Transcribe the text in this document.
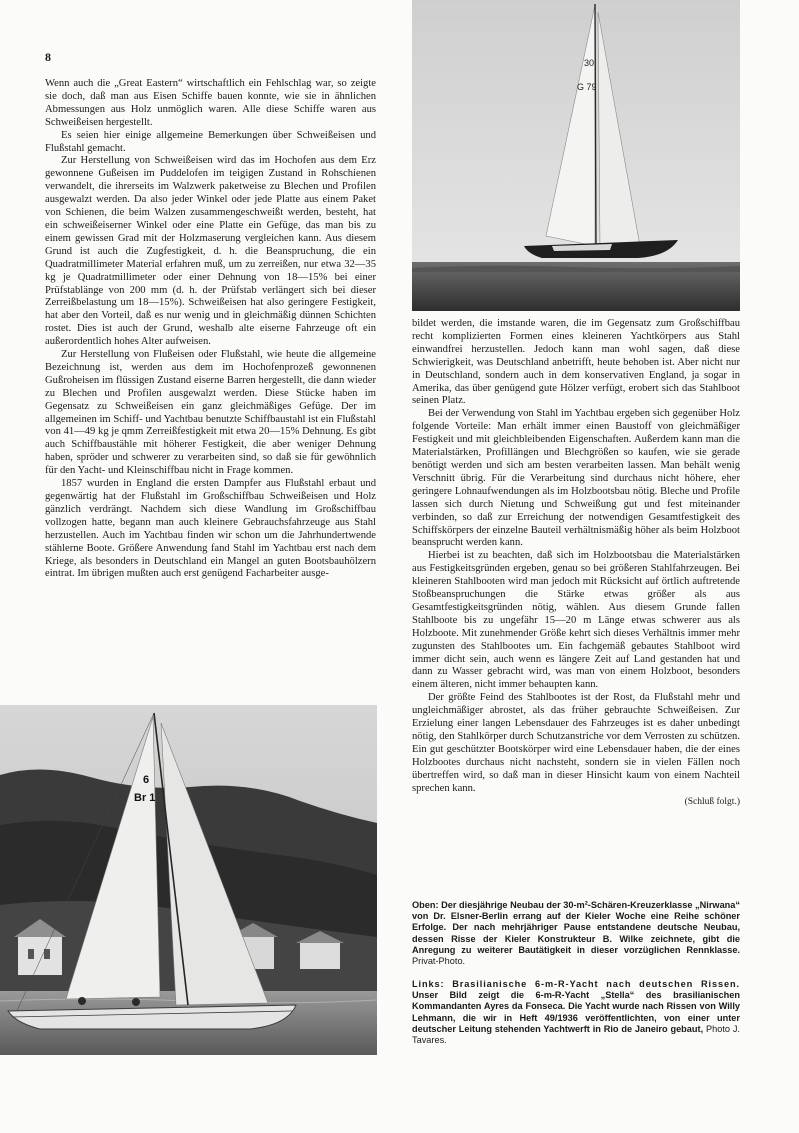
8

Wenn auch die „Great Eastern“ wirtschaftlich ein Fehlschlag war, so zeigte sie doch, daß man aus Eisen Schiffe bauen konnte, wie sie in ähnlichen Abmessungen aus Holz unmöglich waren. Alle diese Schiffe waren aus Schweißeisen hergestellt.

Es seien hier einige allgemeine Bemerkungen über Schweißeisen und Flußstahl gemacht.

Zur Herstellung von Schweißeisen wird das im Hochofen aus dem Erz gewonnene Gußeisen im Puddelofen im teigigen Zustand in Rohschienen verwandelt, die ihrerseits im Walzwerk paketweise zu Blechen und Profilen ausgewalzt werden. Da also jeder Winkel oder jede Platte aus einem Paket von Schienen, die beim Walzen zusammengeschweißt werden, besteht, hat ein schweißeiserner Winkel oder eine Platte ein Gefüge, das man bis zu einem gewissen Grad mit der Holzmaserung vergleichen kann. Aus diesem Grund ist auch die Zugfestigkeit, d. h. die Beanspruchung, die ein Quadratmillimeter Material erfahren muß, um zu zerreißen, nur etwa 32—35 kg je Quadratmillimeter oder einer Dehnung von 18—15% bei einer Prüfstablänge von 200 mm (d. h. der Prüfstab verlängert sich bei dieser Zerreißbelastung um 18—15%). Schweißeisen hat also geringere Festigkeit, hat aber den Vorteil, daß es nur wenig und in gleichmäßig dünnen Schichten rostet. Dies ist auch der Grund, weshalb alte eiserne Fahrzeuge oft ein außerordentlich hohes Alter aufweisen.

Zur Herstellung von Flußeisen oder Flußstahl, wie heute die allgemeine Bezeichnung ist, werden aus dem im Hochofenprozeß gewonnenen Gußroheisen im flüssigen Zustand eiserne Barren hergestellt, die dann wieder zu Blechen und Profilen ausgewalzt werden. Diese Stücke haben im Gegensatz zu Schweißeisen ein ganz gleichmäßiges Gefüge. Der im allgemeinen im Schiff- und Yachtbau benutzte Schiffbaustahl ist ein Flußstahl von 41—49 kg je qmm Zerreißfestigkeit mit etwa 20—15% Dehnung. Es gibt auch Schiffbaustähle mit höherer Festigkeit, die aber weniger Dehnung haben, spröder und schwerer zu verarbeiten sind, so daß sie für gewöhnlich für den Yacht- und Kleinschiffbau nicht in Frage kommen.

1857 wurden in England die ersten Dampfer aus Flußstahl erbaut und gegenwärtig hat der Flußstahl im Großschiffbau Schweißeisen und Holz gänzlich verdrängt. Nachdem sich diese Wandlung im Großschiffbau vollzogen hatte, begann man auch kleinere Gebrauchsfahrzeuge aus Stahl herzustellen. Auch im Yachtbau finden wir schon um die Jahrhundertwende stählerne Boote. Größere Anwendung fand Stahl im Yachtbau erst nach dem Kriege, als besonders in Deutschland ein Mangel an guten Bootsbauhölzern eintrat. Im übrigen mußten auch erst genügend Facharbeiter ausge-

bildet werden, die imstande waren, die im Gegensatz zum Großschiffbau recht komplizierten Formen eines kleineren Yachtkörpers aus Stahl einwandfrei herzustellen. Jedoch kann man wohl sagen, daß diese Schwierigkeit, was Deutschland anbetrifft, heute behoben ist. Aber nicht nur in Deutschland, sondern auch in dem konservativen England, ja sogar in Amerika, das über genügend gute Hölzer verfügt, erobert sich das Stahlboot seinen Platz.

Bei der Verwendung von Stahl im Yachtbau ergeben sich gegenüber Holz folgende Vorteile: Man erhält immer einen Baustoff von gleichmäßiger Festigkeit und mit gleichbleibenden Eigenschaften. Außerdem kann man die Materialstärken, Profillängen und Blechgrößen so kaufen, wie sie gerade benötigt werden und sich am besten verarbeiten lassen. Man behält wenig Verschnitt übrig. Für die Verarbeitung sind durchaus nicht höhere, eher geringere Lohnaufwendungen als im Holzbootsbau nötig. Bleche und Profile lassen sich durch Nietung und Schweißung gut und fest miteinander verbinden, so daß zur Erreichung der notwendigen Gesamtfestigkeit des Schiffskörpers der einzelne Bauteil verhältnismäßig höher als beim Holzboot beansprucht werden kann.

Hierbei ist zu beachten, daß sich im Holzbootsbau die Materialstärken aus Festigkeitsgründen ergeben, genau so bei größeren Stahlfahrzeugen. Bei kleineren Stahlbooten wird man jedoch mit Rücksicht auf örtlich auftretende Stoßbeanspruchungen die Stärke etwas größer als aus Gesamtfestigkeitsgründen nötig, wählen. Aus diesem Grunde fallen Stahlboote bis zu ungefähr 15—20 m Länge etwas schwerer aus als Holzboote. Mit zunehmender Größe kehrt sich dieses Verhältnis immer mehr zugunsten des Stahlbootes um. Ein fachgemäß gebautes Stahlboot wird immer dicht sein, auch wenn es längere Zeit auf Land gestanden hat und dann zu Wasser gebracht wird, was man von einem Holzboot, besonders einem älteren, nicht immer behaupten kann.

Der größte Feind des Stahlbootes ist der Rost, da Flußstahl mehr und ungleichmäßiger abrostet, als das früher gebrauchte Schweißeisen. Zur Erzielung einer langen Lebensdauer des Fahrzeuges ist es daher unbedingt nötig, den Stahlkörper durch Schutzanstriche vor dem Verrosten zu schützen. Ein gut geschützter Bootskörper wird eine Lebensdauer haben, die der eines Holzbootes durchaus nicht nachsteht, sondern sie in vielen Fällen noch übertreffen wird, so daß man in dieser Hinsicht kaum von einem Nachteil sprechen kann.

(Schluß folgt.)
30
G 79
6
Br 1
Oben: Der diesjährige Neubau der 30-m²-Schären-Kreuzerklasse „Nirwana“ von Dr. Elsner-Berlin errang auf der Kieler Woche eine Reihe schöner Erfolge. Der nach mehrjähriger Pause entstandene deutsche Neubau, dessen Risse der Kieler Konstrukteur B. Wilke zeichnete, gibt die Anregung zu weiterer Bautätigkeit in dieser vorzüglichen Rennklasse. Privat-Photo.
Links: Brasilianische 6-m-R-Yacht nach deutschen Rissen. Unser Bild zeigt die 6-m-R-Yacht „Stella“ des brasilianischen Kommandanten Ayres da Fonseca. Die Yacht wurde nach Rissen von Willy Lehmann, die wir in Heft 49/1936 veröffentlichten, von einer unter deutscher Leitung stehenden Yachtwerft in Rio de Janeiro gebaut, Photo J. Tavares.
